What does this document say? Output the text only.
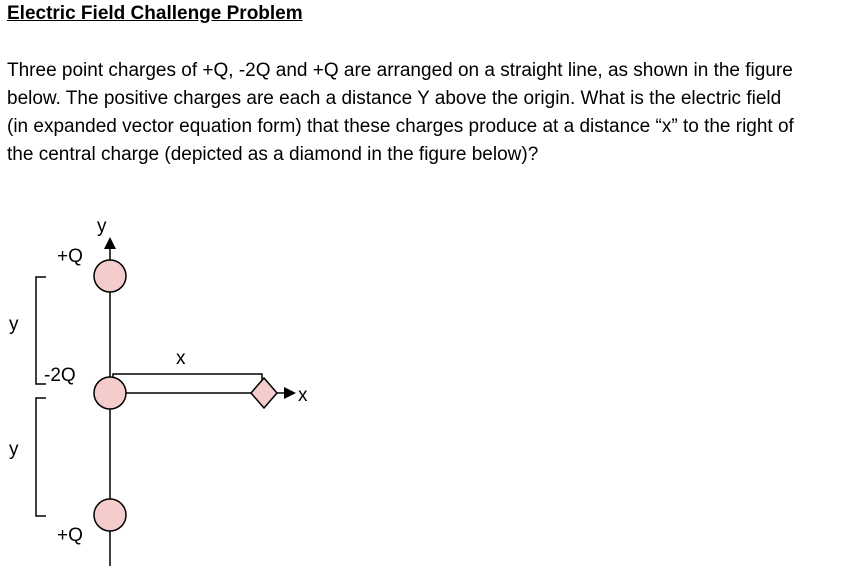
Electric Field Challenge Problem
Three point charges of +Q, -2Q and +Q are arranged on a straight line, as shown in the figure
below. The positive charges are each a distance Y above the origin. What is the electric field
(in expanded vector equation form) that these charges produce at a distance “x” to the right of
the central charge (depicted as a diamond in the figure below)?
y
x
x
y
y
+Q
-2Q
+Q
